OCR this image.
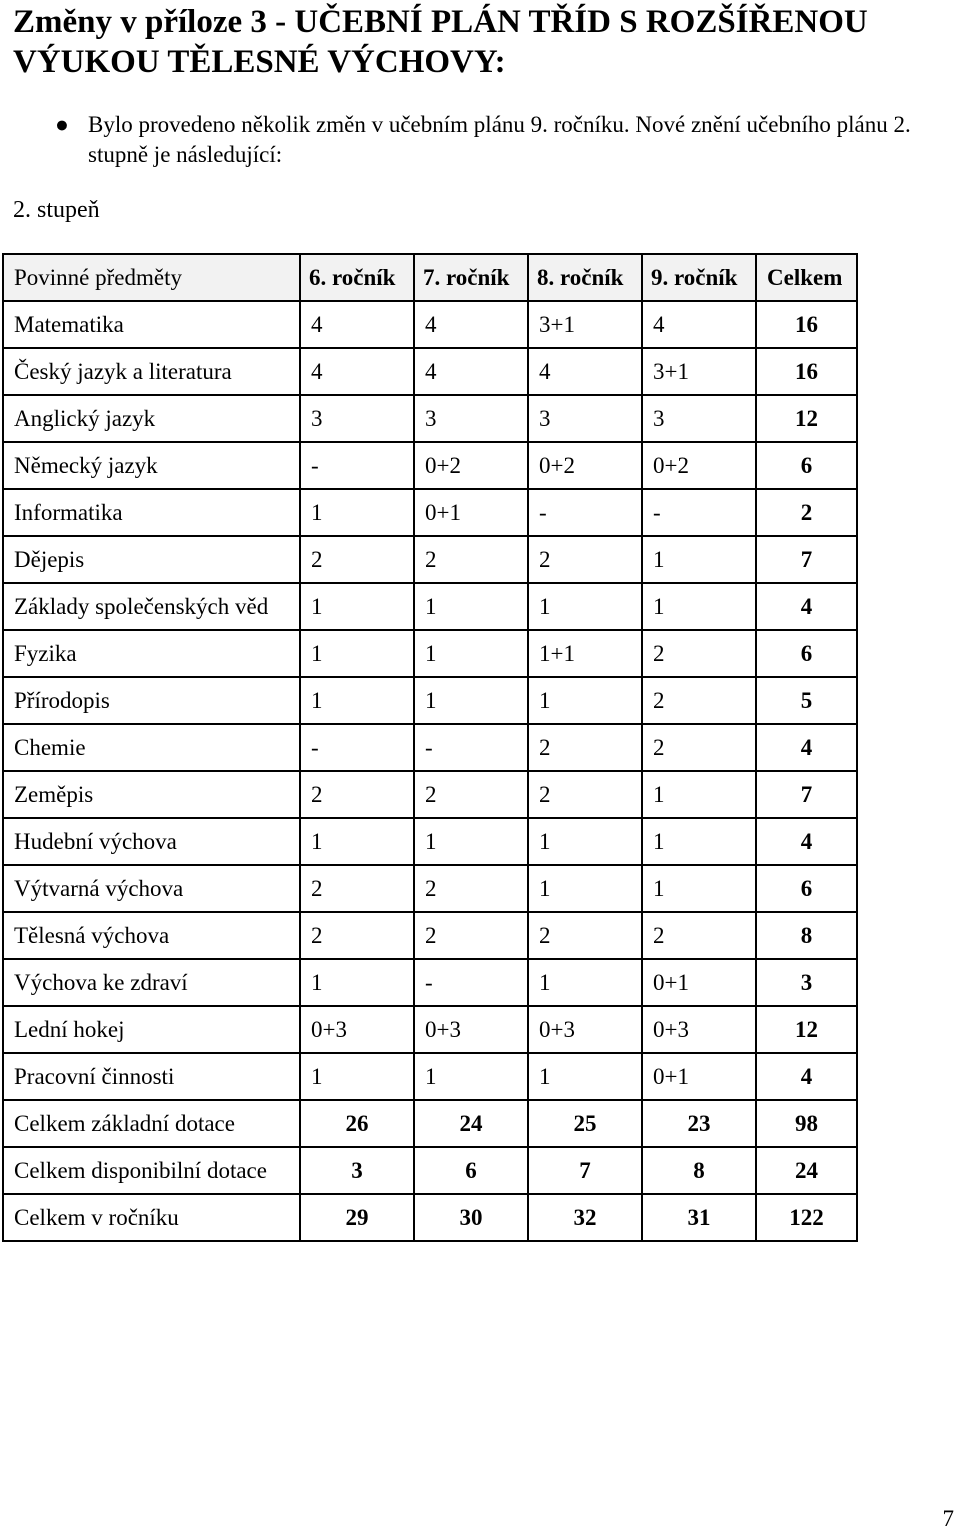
Změny v příloze 3 - UČEBNÍ PLÁN TŘÍD S ROZŠÍŘENOU VÝUKOU TĚLESNÉ VÝCHOVY:
● Bylo provedeno několik změn v učebním plánu 9. ročníku. Nové znění učebního plánu 2. stupně je následující:

2. stupeň
Povinné předměty	6. ročník	7. ročník	8. ročník	9. ročník	Celkem
Matematika	4	4	3+1	4	16
Český jazyk a literatura	4	4	4	3+1	16
Anglický jazyk	3	3	3	3	12
Německý jazyk	-	0+2	0+2	0+2	6
Informatika	1	0+1	-	-	2
Dějepis	2	2	2	1	7
Základy společenských věd	1	1	1	1	4
Fyzika	1	1	1+1	2	6
Přírodopis	1	1	1	2	5
Chemie	-	-	2	2	4
Zeměpis	2	2	2	1	7
Hudební výchova	1	1	1	1	4
Výtvarná výchova	2	2	1	1	6
Tělesná výchova	2	2	2	2	8
Výchova ke zdraví	1	-	1	0+1	3
Lední hokej	0+3	0+3	0+3	0+3	12
Pracovní činnosti	1	1	1	0+1	4
Celkem základní dotace	26	24	25	23	98
Celkem disponibilní dotace	3	6	7	8	24
Celkem v ročníku	29	30	32	31	122
7
